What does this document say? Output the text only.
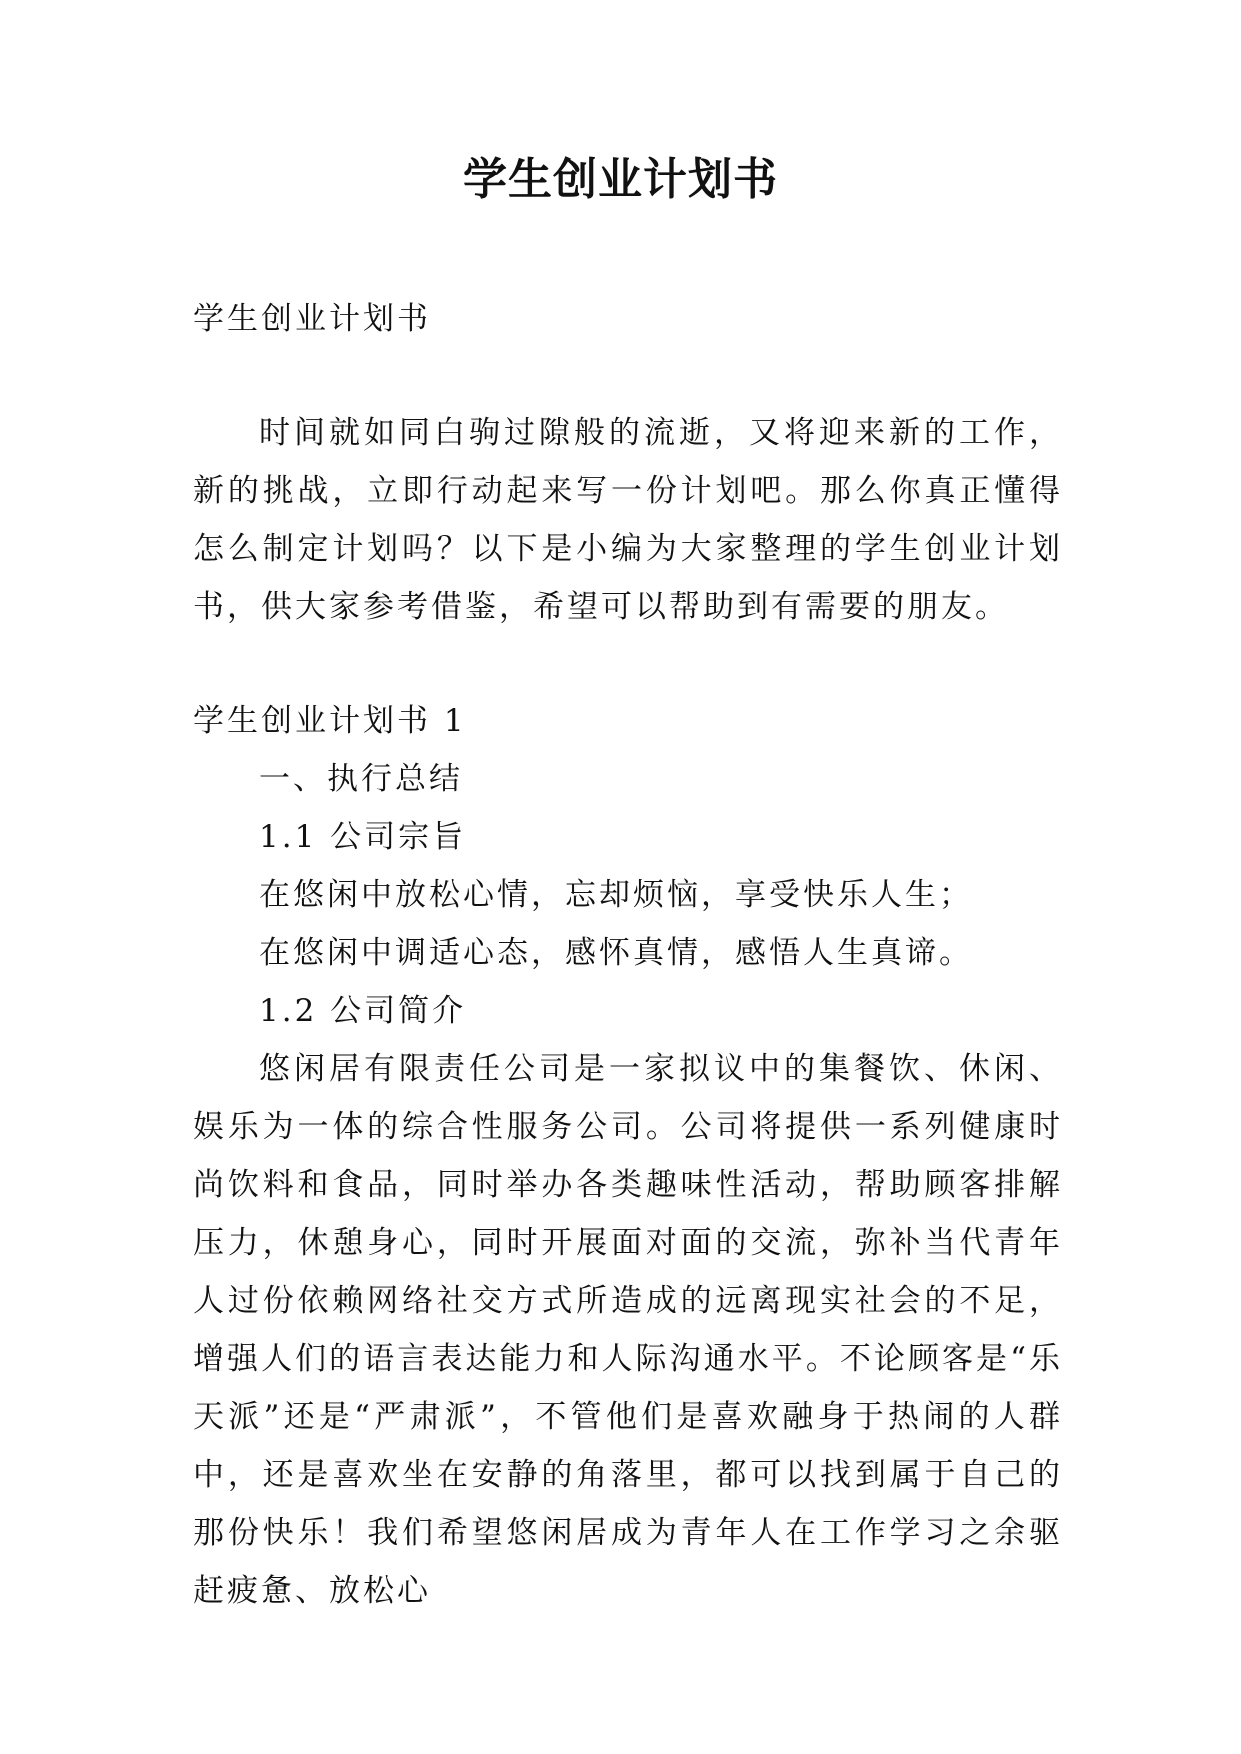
学生创业计划书

学生创业计划书

时间就如同白驹过隙般的流逝，又将迎来新的工作，新的挑战，立即行动起来写一份计划吧。那么你真正懂得怎么制定计划吗？以下是小编为大家整理的学生创业计划书，供大家参考借鉴，希望可以帮助到有需要的朋友。

学生创业计划书 1

一、执行总结

1.1 公司宗旨

在悠闲中放松心情，忘却烦恼，享受快乐人生；

在悠闲中调适心态，感怀真情，感悟人生真谛。

1.2 公司简介

悠闲居有限责任公司是一家拟议中的集餐饮、休闲、娱乐为一体的综合性服务公司。公司将提供一系列健康时尚饮料和食品，同时举办各类趣味性活动，帮助顾客排解压力，休憩身心，同时开展面对面的交流，弥补当代青年人过份依赖网络社交方式所造成的远离现实社会的不足，增强人们的语言表达能力和人际沟通水平。不论顾客是“乐天派”还是“严肃派”，不管他们是喜欢融身于热闹的人群中，还是喜欢坐在安静的角落里，都可以找到属于自己的那份快乐！我们希望悠闲居成为青年人在工作学习之余驱赶疲惫、放松心
